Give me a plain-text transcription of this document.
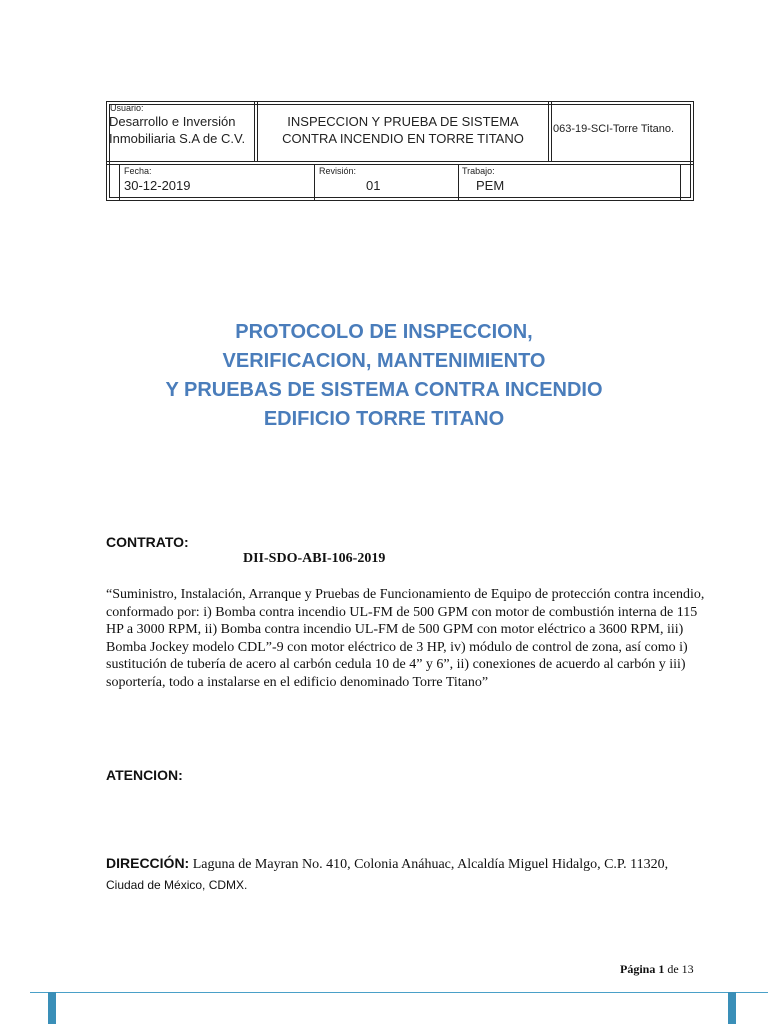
Usuario:
Desarrollo e Inversión
Inmobiliaria S.A de C.V.
INSPECCION Y PRUEBA DE SISTEMA
CONTRA INCENDIO EN TORRE TITANO
063-19-SCI-Torre Titano.
Fecha:
30-12-2019
Revisión:
01
Trabajo:
PEM
PROTOCOLO DE INSPECCION,
VERIFICACION, MANTENIMIENTO
Y PRUEBAS DE SISTEMA CONTRA INCENDIO
EDIFICIO TORRE TITANO
CONTRATO:
DII-SDO-ABI-106-2019
“Suministro, Instalación, Arranque y Pruebas de Funcionamiento de Equipo de protección contra incendio, conformado por: i) Bomba contra incendio UL-FM de 500 GPM con motor de combustión interna de 115 HP a 3000 RPM, ii) Bomba contra incendio UL-FM de 500 GPM con motor eléctrico a 3600 RPM, iii) Bomba Jockey modelo CDL”-9 con motor eléctrico de 3 HP, iv) módulo de control de zona, así como i) sustitución de tubería de acero al carbón cedula 10 de 4” y 6”, ii) conexiones de acuerdo al carbón y iii) soportería, todo a instalarse en el edificio denominado Torre Titano”
ATENCION:
DIRECCIÓN: Laguna de Mayran No. 410, Colonia Anáhuac, Alcaldía Miguel Hidalgo, C.P. 11320, Ciudad de México, CDMX.
Página 1 de 13
